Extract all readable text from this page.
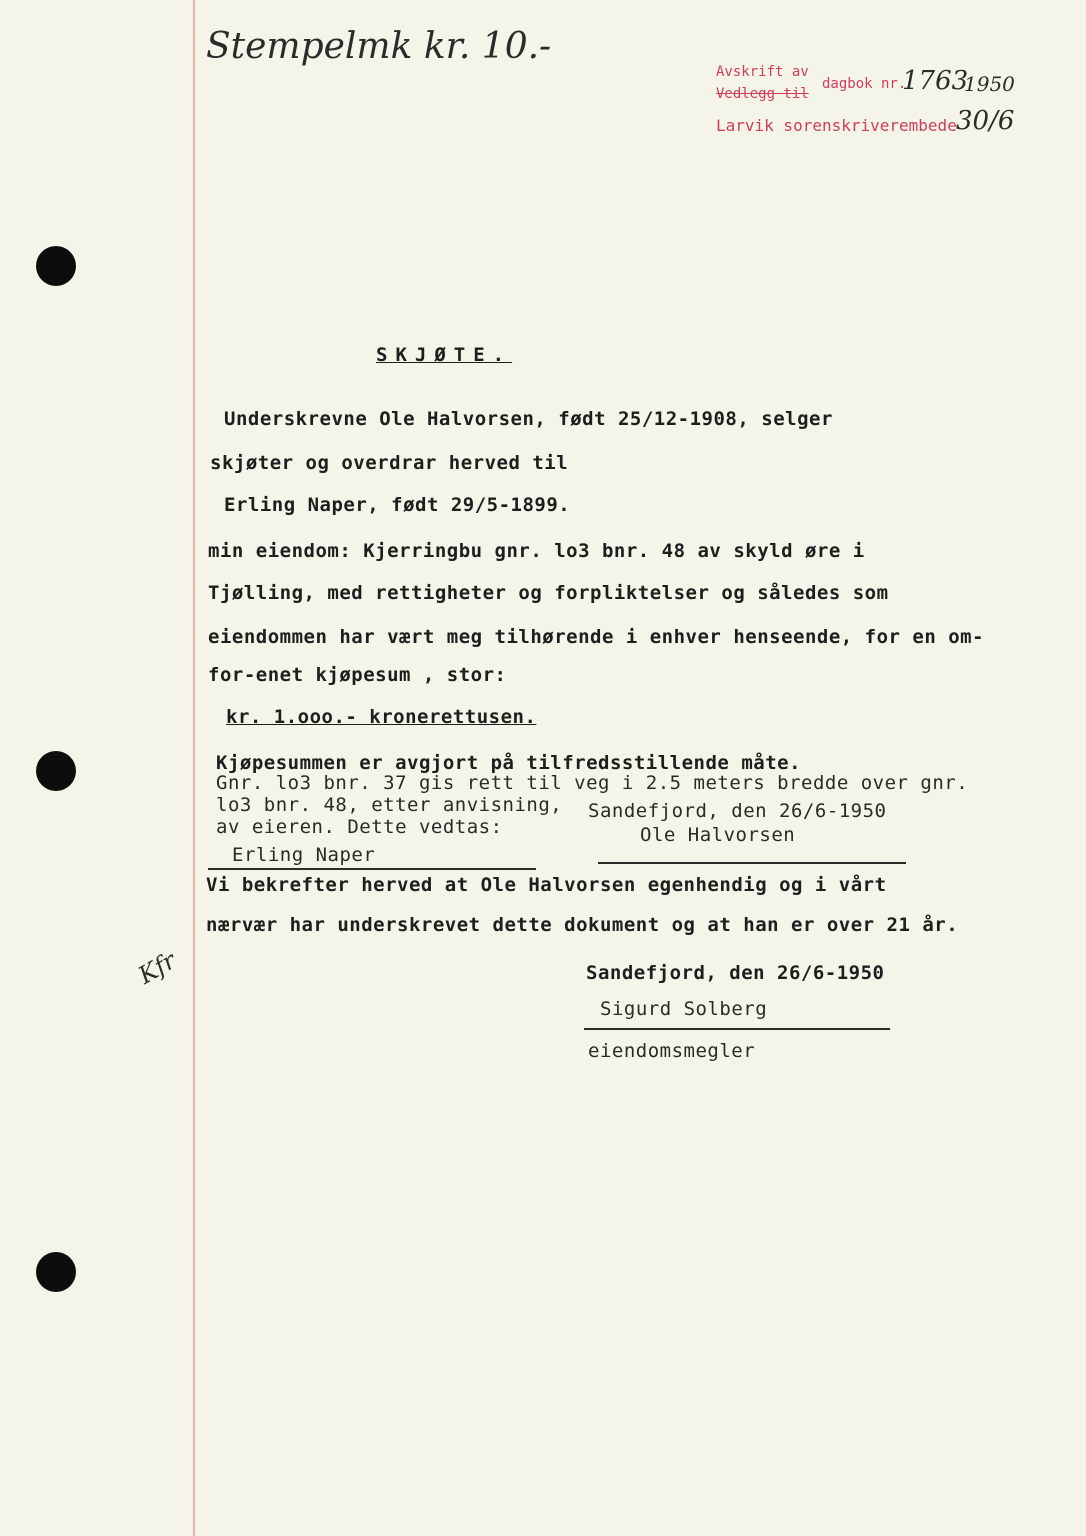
Stempelmk kr. 10.-
Avskrift av
dagbok nr.
1763
1950
Vedlegg til
Larvik sorenskriverembede 30/6
SKJØTE.
Underskrevne Ole Halvorsen, født 25/12-1908, selger
skjøter og overdrar herved til
Erling Naper, født 29/5-1899.
min eiendom: Kjerringbu gnr. lo3 bnr. 48 av skyld øre i
Tjølling, med rettigheter og forpliktelser og således som
eiendommen har vært meg tilhørende i enhver henseende, for en om-
for-enet kjøpesum , stor:
kr. 1.ooo.- kronerettusen.
Kjøpesummen er avgjort på tilfredsstillende måte.
Gnr. lo3 bnr. 37 gis rett til veg i 2.5 meters bredde over gnr.
lo3 bnr. 48, etter anvisning, Sandefjord, den 26/6-1950
av eieren. Dette vedtas:	Ole Halvorsen
Erling Naper
Vi bekrefter herved at Ole Halvorsen egenhendig og i vårt
nærvær har underskrevet dette dokument og at han er over 21 år.
Sandefjord, den 26/6-1950
Sigurd Solberg
eiendomsmegler
Kfr
